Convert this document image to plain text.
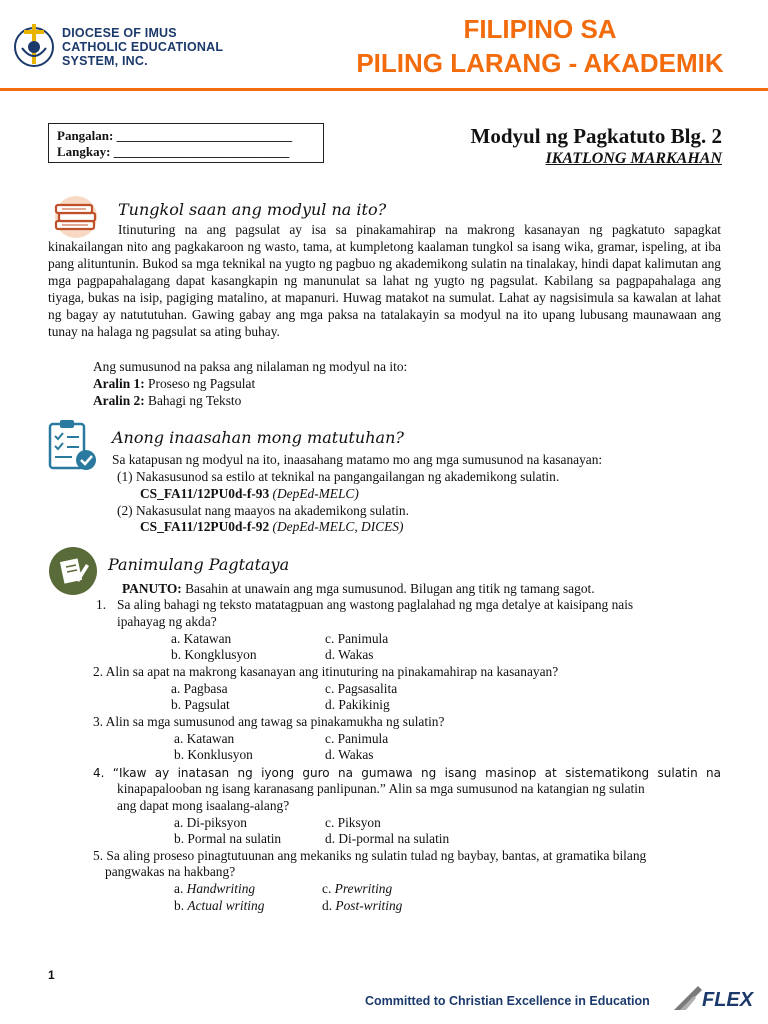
DIOCESE OF IMUS
CATHOLIC EDUCATIONAL
SYSTEM, INC.
FILIPINO SA
PILING LARANG - AKADEMIK
Pangalan: ___________________________
Langkay: ___________________________
Modyul ng Pagkatuto Blg. 2
IKATLONG MARKAHAN
Tungkol saan ang modyul na ito?
Itinuturing na ang pagsulat ay isa sa pinakamahirap na makrong kasanayan ng pagkatuto sapagkat kinakailangan nito ang pagkakaroon ng wasto, tama, at kumpletong kaalaman tungkol sa isang wika, gramar, ispeling, at iba pang alituntunin. Bukod sa mga teknikal na yugto ng pagbuo ng akademikong sulatin na tinalakay, hindi dapat kalimutan ang mga pagpapahalagang dapat kasangkapin ng manunulat sa lahat ng yugto ng pagsulat. Kabilang sa pagpapahalaga ang tiyaga, bukas na isip, pagiging matalino, at mapanuri. Huwag matakot na sumulat. Lahat ay nagsisimula sa kawalan at lahat ng bagay ay natututuhan. Gawing gabay ang mga paksa na tatalakayin sa modyul na ito upang lubusang maunawaan ang tunay na halaga ng pagsulat sa ating buhay.
Ang sumusunod na paksa ang nilalaman ng modyul na ito:
Aralin 1: Proseso ng Pagsulat
Aralin 2: Bahagi ng Teksto
Anong inaasahan mong matutuhan?
Sa katapusan ng modyul na ito, inaasahang matamo mo ang mga sumusunod na kasanayan:
(1) Nakasusunod sa estilo at teknikal na pangangailangan ng akademikong sulatin.
CS_FA11/12PU0d-f-93 (DepEd-MELC)
(2) Nakasusulat nang maayos na akademikong sulatin.
CS_FA11/12PU0d-f-92 (DepEd-MELC, DICES)
Panimulang Pagtataya
PANUTO: Basahin at unawain ang mga sumusunod. Bilugan ang titik ng tamang sagot.
1. Sa aling bahagi ng teksto matatagpuan ang wastong paglalahad ng mga detalye at kaisipang nais
ipahayag ng akda?
a. Katawan	c. Panimula
b. Kongklusyon	d. Wakas
2. Alin sa apat na makrong kasanayan ang itinuturing na pinakamahirap na kasanayan?
a. Pagbasa	c. Pagsasalita
b. Pagsulat	d. Pakikinig
3. Alin sa mga sumusunod ang tawag sa pinakamukha ng sulatin?
a. Katawan	c. Panimula
b. Konklusyon	d. Wakas
4. “Ikaw ay inatasan ng iyong guro na gumawa ng isang masinop at sistematikong sulatin na
kinapapalooban ng isang karanasang panlipunan.” Alin sa mga sumusunod na katangian ng sulatin
ang dapat mong isaalang-alang?
a. Di-piksyon	c. Piksyon
b. Pormal na sulatin	d. Di-pormal na sulatin
5. Sa aling proseso pinagtutuunan ang mekaniks ng sulatin tulad ng baybay, bantas, at gramatika bilang
pangwakas na hakbang?
a. Handwriting	c. Prewriting
b. Actual writing	d. Post-writing
1
Committed to Christian Excellence in Education	FLEX
